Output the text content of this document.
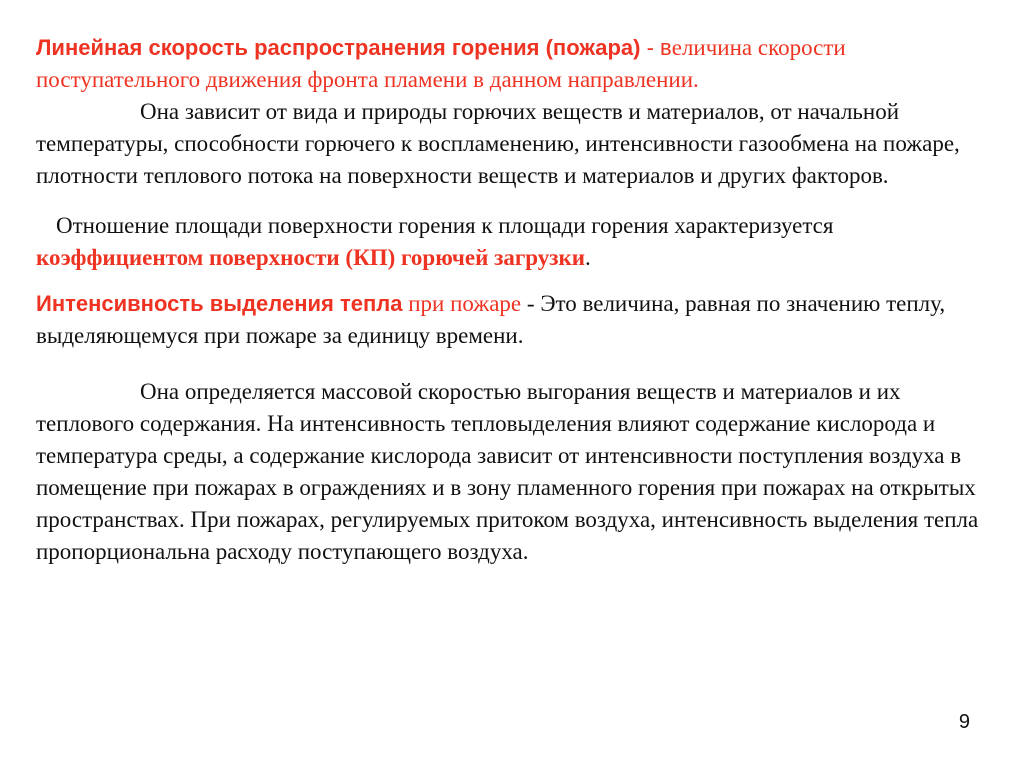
Линейная скорость распространения горения (пожара) - величина скорости поступательного движения фронта пламени в данном направлении.

Она зависит от вида и природы горючих веществ и материалов, от начальной температуры, способности горючего к воспламенению, интенсивности газообмена на пожаре, плотности теплового потока на поверхности веществ и материалов и других факторов.

Отношение площади поверхности горения к площади горения характеризуется коэффициентом поверхности (КП) горючей загрузки.

Интенсивность выделения тепла при пожаре - Это величина, равная по значению теплу, выделяющемуся при пожаре за единицу времени.

Она определяется массовой скоростью выгорания веществ и материалов и их теплового содержания. На интенсивность тепловыделения влияют содержание кислорода и температура среды, а содержание кислорода зависит от интенсивности поступления воздуха в помещение при пожарах в ограждениях и в зону пламенного горения при пожарах на открытых пространствах. При пожарах, регулируемых притоком воздуха, интенсивность выделения тепла пропорциональна расходу поступающего воздуха.

9
